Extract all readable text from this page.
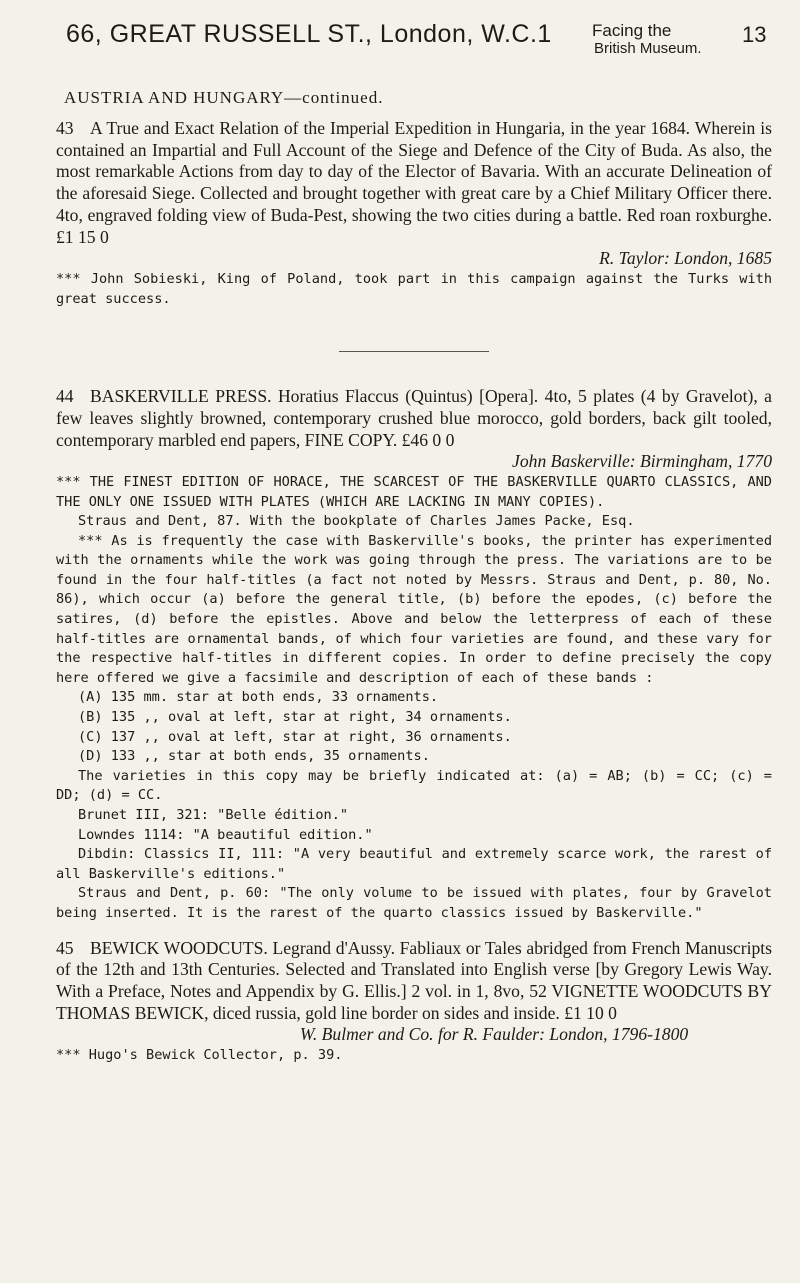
66, GREAT RUSSELL ST., London, W.C.1 Facing the
British Museum.
13
AUSTRIA AND HUNGARY—continued.

43 A True and Exact Relation of the Imperial Expedition in Hungaria, in the year 1684. Wherein is contained an Impartial and Full Account of the Siege and Defence of the City of Buda. As also, the most remarkable Actions from day to day of the Elector of Bavaria. With an accurate Delineation of the aforesaid Siege. Collected and brought together with great care by a Chief Military Officer there. 4to, engraved folding view of Buda-Pest, showing the two cities during a battle. Red roan roxburghe. £1 15 0

R. Taylor: London, 1685
*** John Sobieski, King of Poland, took part in this campaign against the Turks with great success.

44 BASKERVILLE PRESS. Horatius Flaccus (Quintus) [Opera]. 4to, 5 plates (4 by Gravelot), a few leaves slightly browned, contemporary crushed blue morocco, gold borders, back gilt tooled, contemporary marbled end papers, FINE COPY. £46 0 0

John Baskerville: Birmingham, 1770
*** THE FINEST EDITION OF HORACE, THE SCARCEST OF THE BASKERVILLE QUARTO CLASSICS, AND THE ONLY ONE ISSUED WITH PLATES (WHICH ARE LACKING IN MANY COPIES).
Straus and Dent, 87. With the bookplate of Charles James Packe, Esq.
*** As is frequently the case with Baskerville's books, the printer has experimented with the ornaments while the work was going through the press. The variations are to be found in the four half-titles (a fact not noted by Messrs. Straus and Dent, p. 80, No. 86), which occur (a) before the general title, (b) before the epodes, (c) before the satires, (d) before the epistles. Above and below the letterpress of each of these half-titles are ornamental bands, of which four varieties are found, and these vary for the respective half-titles in different copies. In order to define precisely the copy here offered we give a facsimile and description of each of these bands :
(A) 135 mm. star at both ends, 33 ornaments.
(B) 135 ,, oval at left, star at right, 34 ornaments.
(C) 137 ,, oval at left, star at right, 36 ornaments.
(D) 133 ,, star at both ends, 35 ornaments.
The varieties in this copy may be briefly indicated at: (a) = AB; (b) = CC; (c) = DD; (d) = CC.
Brunet III, 321: "Belle édition."
Lowndes 1114: "A beautiful edition."
Dibdin: Classics II, 111: "A very beautiful and extremely scarce work, the rarest of all Baskerville's editions."
Straus and Dent, p. 60: "The only volume to be issued with plates, four by Gravelot being inserted. It is the rarest of the quarto classics issued by Baskerville."

45 BEWICK WOODCUTS. Legrand d'Aussy. Fabliaux or Tales abridged from French Manuscripts of the 12th and 13th Centuries. Selected and Translated into English verse [by Gregory Lewis Way. With a Preface, Notes and Appendix by G. Ellis.] 2 vol. in 1, 8vo, 52 VIGNETTE WOODCUTS BY THOMAS BEWICK, diced russia, gold line border on sides and inside. £1 10 0

W. Bulmer and Co. for R. Faulder: London, 1796-1800
*** Hugo's Bewick Collector, p. 39.
